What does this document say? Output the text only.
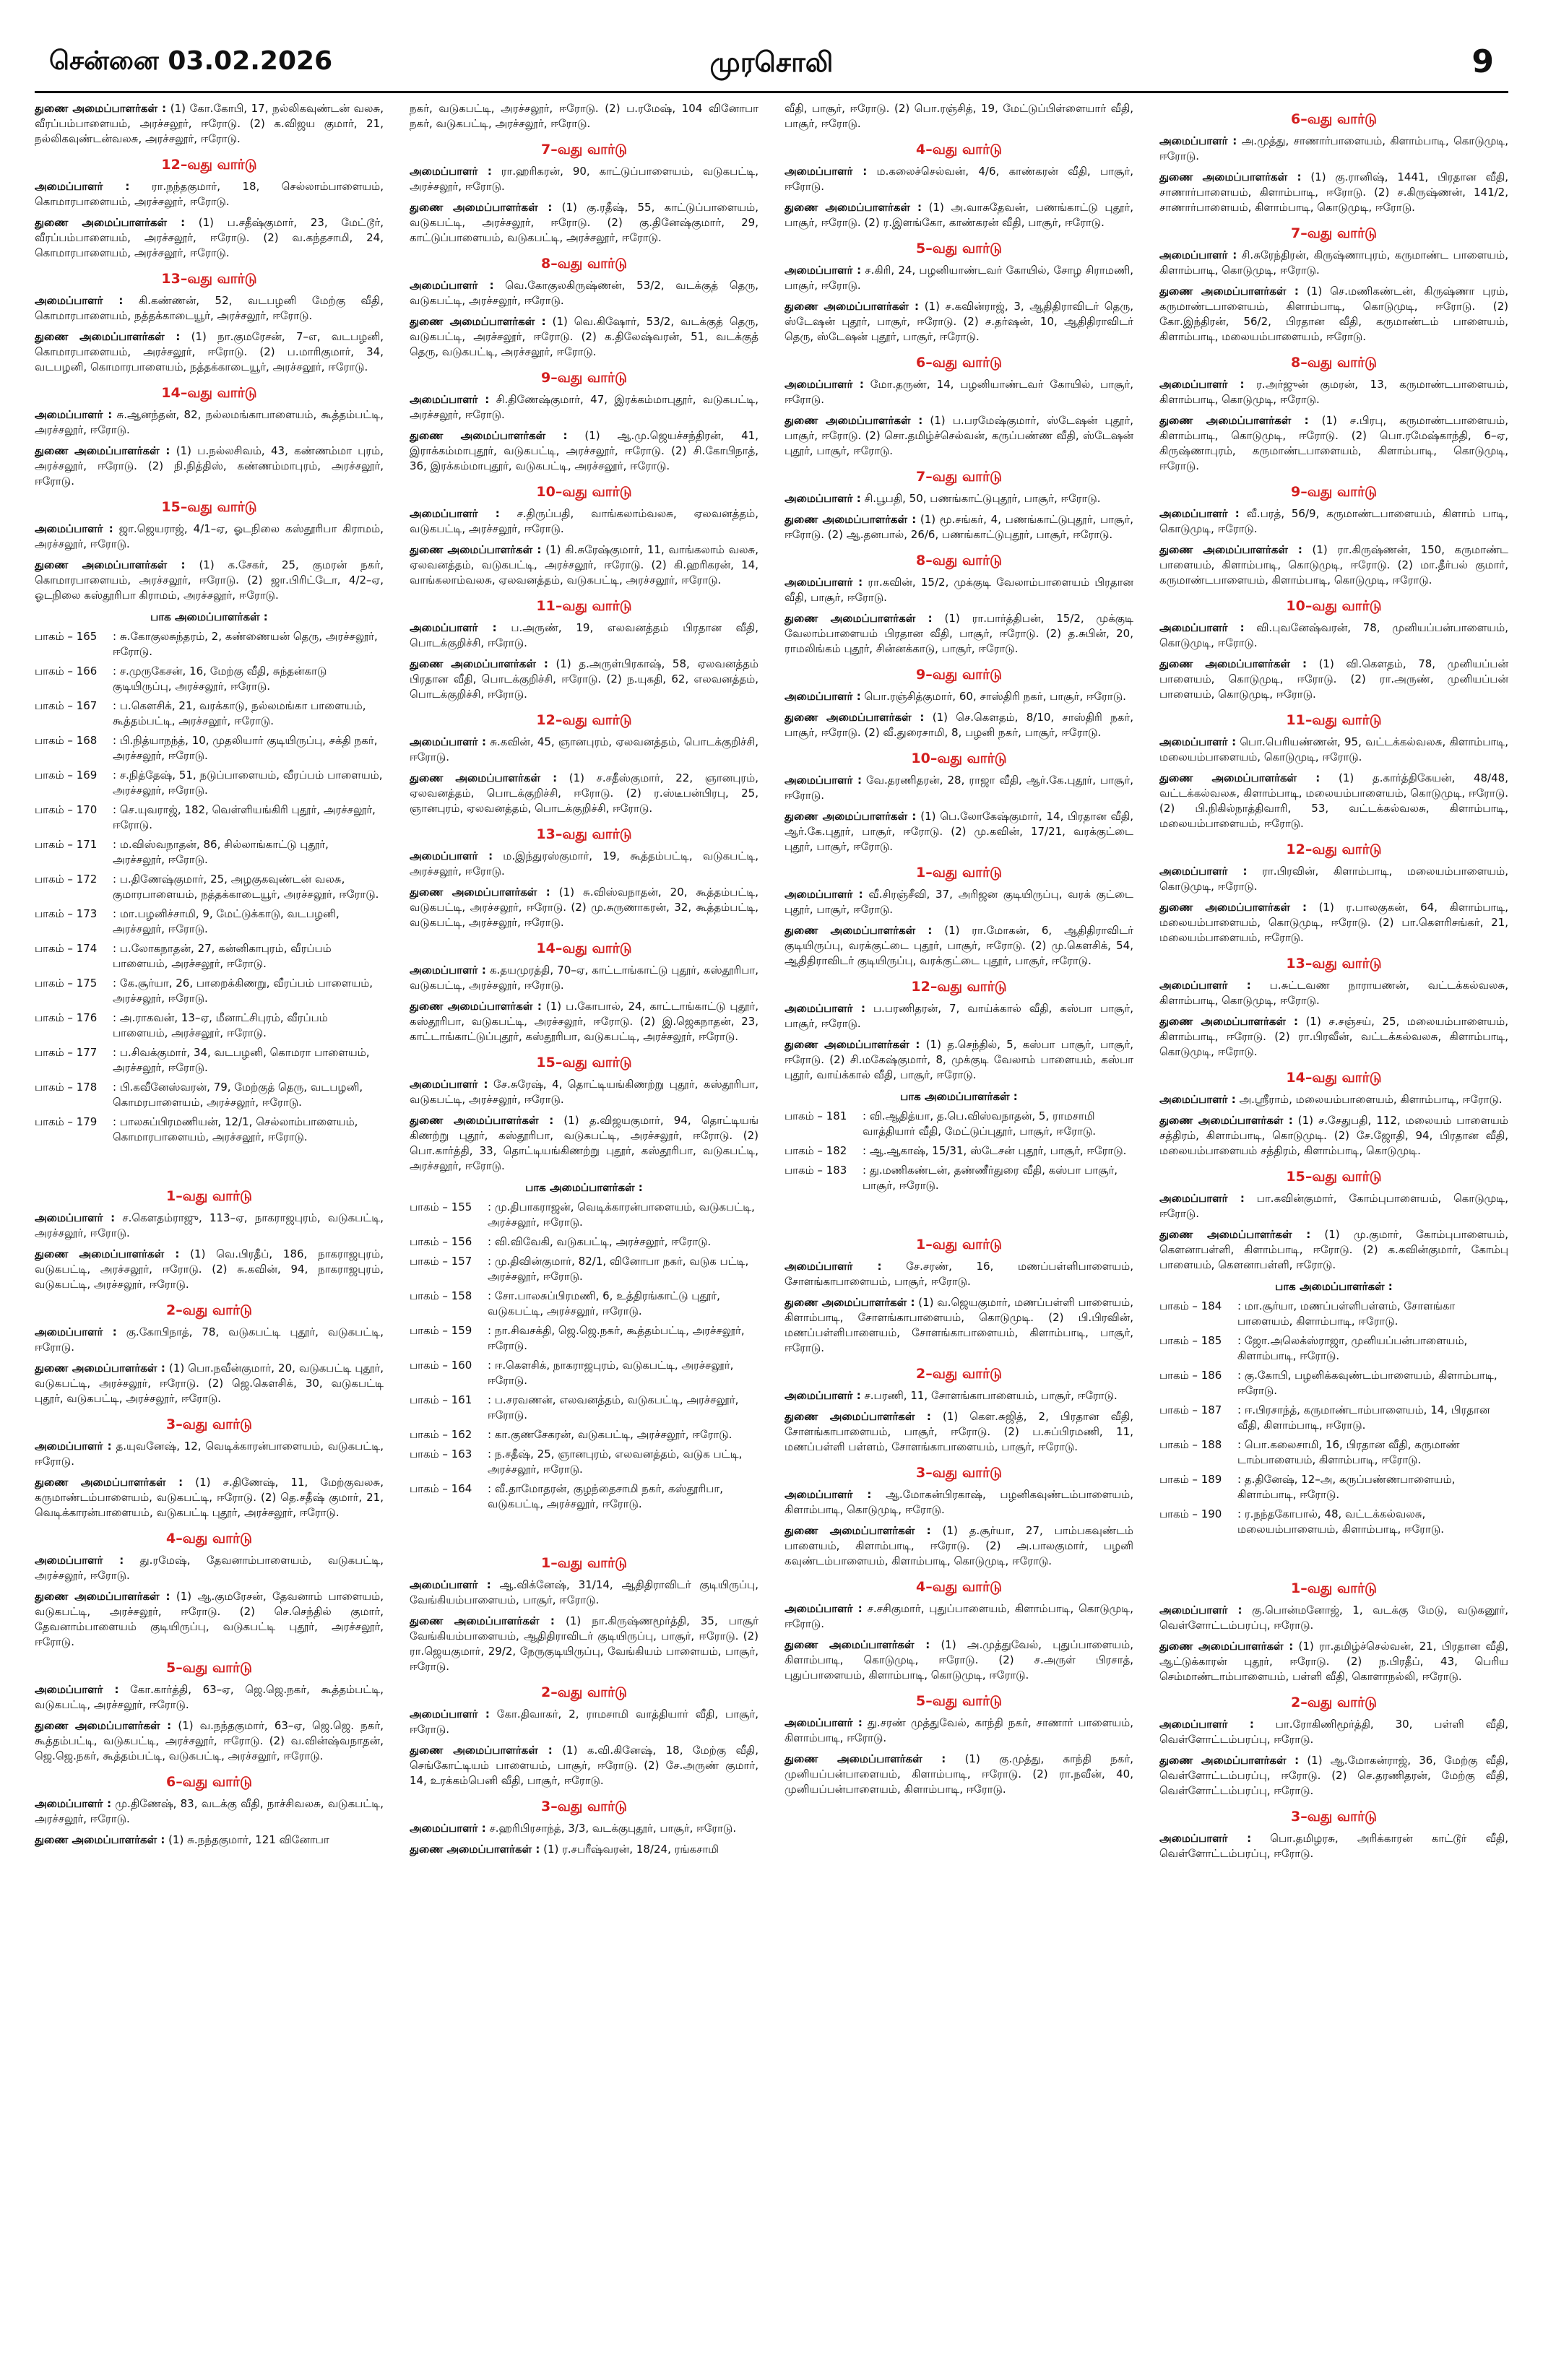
சென்னை 03.02.2026	முரசொலி	9

துணை அமைப்பாளர்கள் : (1) கோ.கோபி, 17, நல்லிகவுண்டன் வலசு, வீரப்பம்பாளையம், அரச்சலூர், ஈரோடு. (2) க.விஜய குமார், 21, நல்லிகவுண்டன்வலசு, அரச்சலூர், ஈரோடு.

12–வது வார்டு

அமைப்பாளர் : ரா.நந்தகுமார், 18, செல்லாம்பாளையம், கொமாரபாளையம், அரச்சலூர், ஈரோடு.

துணை அமைப்பாளர்கள் : (1) ப.சதீஷ்குமார், 23, மேட்டூர், வீரப்பம்பாளையம், அரச்சலூர், ஈரோடு. (2) வ.கந்தசாமி, 24, கொமாரபாளையம், அரச்சலூர், ஈரோடு.

13–வது வார்டு

அமைப்பாளர் : கி.கண்ணன், 52, வடபழனி மேற்கு வீதி, கொமாரபாளையம், நத்தக்காடையூர், அரச்சலூர், ஈரோடு.

துணை அமைப்பாளர்கள் : (1) நா.குமரேசன், 7–எ, வடபழனி, கொமாரபாளையம், அரச்சலூர், ஈரோடு. (2) ப.மாரிகுமார், 34, வடபழனி, கொமாரபாளையம், நத்தக்காடையூர், அரச்சலூர், ஈரோடு.

14–வது வார்டு

அமைப்பாளர் : சு.ஆனந்தன், 82, நல்லமங்காபாளையம், கூத்தம்பட்டி, அரச்சலூர், ஈரோடு.

துணை அமைப்பாளர்கள் : (1) ப.நல்லசிவம், 43, கண்ணம்மா புரம், அரச்சலூர், ஈரோடு. (2) நி.நித்திஸ், கண்ணம்மாபுரம், அரச்சலூர், ஈரோடு.

15–வது வார்டு

அமைப்பாளர் : ஜா.ஜெயராஜ், 4/1–ஏ, ஓடநிலை கஸ்தூரிபா கிராமம், அரச்சலூர், ஈரோடு.

துணை அமைப்பாளர்கள் : (1) க.சேகர், 25, குமரன் நகர், கொமாரபாளையம், அரச்சலூர், ஈரோடு. (2) ஜா.பிரிட்டோ, 4/2–ஏ, ஓடநிலை கஸ்தூரிபா கிராமம், அரச்சலூர், ஈரோடு.

பாக அமைப்பாளர்கள் :
பாகம் – 165	: சு.கோகுலசுந்தரம், 2, கண்ணையன் தெரு, அரச்சலூர், ஈரோடு.
பாகம் – 166	: ச.முருகேசன், 16, மேற்கு வீதி, சுந்தன்காடு குடியிருப்பு, அரச்சலூர், ஈரோடு.
பாகம் – 167	: ப.கௌசிக், 21, வரக்காடு, நல்லமங்கா பாளையம், கூத்தம்பட்டி, அரச்சலூர், ஈரோடு.
பாகம் – 168	: பி.நித்யாநந்த், 10, முதலியார் குடியிருப்பு, சக்தி நகர், அரச்சலூர், ஈரோடு.
பாகம் – 169	: ச.நித்தேஷ், 51, நடுப்பாளையம், வீரப்பம் பாளையம், அரச்சலூர், ஈரோடு.
பாகம் – 170	: செ.யுவராஜ், 182, வெள்ளியங்கிரி புதூர், அரச்சலூர், ஈரோடு.
பாகம் – 171	: ம.விஸ்வநாதன், 86, சில்லாங்காட்டு புதூர், அரச்சலூர், ஈரோடு.
பாகம் – 172	: ப.திணேஷ்குமார், 25, அழகுகவுண்டன் வலசு, குமாரபாளையம், நத்தக்காடையூர், அரச்சலூர், ஈரோடு.
பாகம் – 173	: மா.பழனிச்சாமி, 9, மேட்டுக்காடு, வடபழனி, அரச்சலூர், ஈரோடு.
பாகம் – 174	: ப.லோகநாதன், 27, கன்னிகாபுரம், வீரப்பம் பாளையம், அரச்சலூர், ஈரோடு.
பாகம் – 175	: கே.சூர்யா, 26, பாறைக்கிணறு, வீரப்பம் பாளையம், அரச்சலூர், ஈரோடு.
பாகம் – 176	: அ.ராகவன், 13–ஏ, மீனாட்சிபுரம், வீரப்பம் பாளையம், அரச்சலூர், ஈரோடு.
பாகம் – 177	: ப.சிவக்குமார், 34, வடபழனி, கொமரா பாளையம், அரச்சலூர், ஈரோடு.
பாகம் – 178	: பி.கவீனேஸ்வரன், 79, மேற்குத் தெரு, வடபழனி, கொமரபாளையம், அரச்சலூர், ஈரோடு.
பாகம் – 179	: பாலசுப்பிரமணியன், 12/1, செல்லாம்பாளையம், கொமாரபாளையம், அரச்சலூர், ஈரோடு.
1–வது வார்டு

அமைப்பாளர் : ச.கெளதம்ராஜு, 113–ஏ, நாகராஜபுரம், வடுகபட்டி, அரச்சலூர், ஈரோடு.

துணை அமைப்பாளர்கள் : (1) வெ.பிரதீப், 186, நாகராஜபுரம், வடுகபட்டி, அரச்சலூர், ஈரோடு. (2) சு.கவின், 94, நாகராஜபுரம், வடுகபட்டி, அரச்சலூர், ஈரோடு.

2–வது வார்டு

அமைப்பாளர் : கு.கோபிநாத், 78, வடுகபட்டி புதூர், வடுகபட்டி, ஈரோடு.

துணை அமைப்பாளர்கள் : (1) பொ.நவீன்குமார், 20, வடுகபட்டி புதூர், வடுகபட்டி, அரச்சலூர், ஈரோடு. (2) ஜெ.கௌசிக், 30, வடுகபட்டி புதூர், வடுகபட்டி, அரச்சலூர், ஈரோடு.

3–வது வார்டு

அமைப்பாளர் : த.யுவனேஷ், 12, வெடிக்காரன்பாளையம், வடுகபட்டி, ஈரோடு.

துணை அமைப்பாளர்கள் : (1) ச.திணேஷ், 11, மேற்குவலசு, கருமாண்டம்பாளையம், வடுகபட்டி, ஈரோடு. (2) தெ.சதீஷ் குமார், 21, வெடிக்காரன்பாளையம், வடுகபட்டி புதூர், அரச்சலூர், ஈரோடு.

4–வது வார்டு

அமைப்பாளர் : து.ரமேஷ், தேவனாம்பாளையம், வடுகபட்டி, அரச்சலூர், ஈரோடு.

துணை அமைப்பாளர்கள் : (1) ஆ.குமரேசன், தேவனாம் பாளையம், வடுகபட்டி, அரச்சலூர், ஈரோடு. (2) செ.செந்தில் குமார், தேவனாம்பாளையம் குடியிருப்பு, வடுகபட்டி புதூர், அரச்சலூர், ஈரோடு.

5–வது வார்டு

அமைப்பாளர் : கோ.கார்த்தி, 63–ஏ, ஜெ.ஜெ.நகர், கூத்தம்பட்டி, வடுகபட்டி, அரச்சலூர், ஈரோடு.

துணை அமைப்பாளர்கள் : (1) வ.நந்தகுமார், 63–ஏ, ஜெ.ஜெ. நகர், கூத்தம்பட்டி, வடுகபட்டி, அரச்சலூர், ஈரோடு. (2) வ.வின்ஷ்வநாதன், ஜெ.ஜெ.நகர், கூத்தம்பட்டி, வடுகபட்டி, அரச்சலூர், ஈரோடு.

6–வது வார்டு

அமைப்பாளர் : மு.திணேஷ், 83, வடக்கு வீதி, நாச்சிவலசு, வடுகபட்டி, அரச்சலூர், ஈரோடு.

துணை அமைப்பாளர்கள் : (1) சு.நந்தகுமார், 121 வினோபா

நகர், வடுகபட்டி, அரச்சலூர், ஈரோடு. (2) ப.ரமேஷ், 104 வினோபா நகர், வடுகபட்டி, அரச்சலூர், ஈரோடு.

7–வது வார்டு

அமைப்பாளர் : ரா.ஹரிகரன், 90, காட்டுப்பாளையம், வடுகபட்டி, அரச்சலூர், ஈரோடு.

துணை அமைப்பாளர்கள் : (1) கு.ரதீஷ், 55, காட்டுப்பாளையம், வடுகபட்டி, அரச்சலூர், ஈரோடு. (2) கு.தினேஷ்குமார், 29, காட்டுப்பாளையம், வடுகபட்டி, அரச்சலூர், ஈரோடு.

8–வது வார்டு

அமைப்பாளர் : வெ.கோகுலகிருஷ்ணன், 53/2, வடக்குத் தெரு, வடுகபட்டி, அரச்சலூர், ஈரோடு.

துணை அமைப்பாளர்கள் : (1) வெ.கிஷோர், 53/2, வடக்குத் தெரு, வடுகபட்டி, அரச்சலூர், ஈரோடு. (2) க.திலேஷ்வரன், 51, வடக்குத் தெரு, வடுகபட்டி, அரச்சலூர், ஈரோடு.

9–வது வார்டு

அமைப்பாளர் : சி.திணேஷ்குமார், 47, இரக்கம்மாபுதூர், வடுகபட்டி, அரச்சலூர், ஈரோடு.

துணை அமைப்பாளர்கள் : (1) ஆ.மு.ஜெயச்சந்திரன், 41, இராக்கம்மாபுதூர், வடுகபட்டி, அரச்சலூர், ஈரோடு. (2) சி.கோபிநாத், 36, இரக்கம்மாபுதூர், வடுகபட்டி, அரச்சலூர், ஈரோடு.

10–வது வார்டு

அமைப்பாளர் : ச.திருப்பதி, வாங்கலாம்வலசு, ஏலவனத்தம், வடுகபட்டி, அரச்சலூர், ஈரோடு.

துணை அமைப்பாளர்கள் : (1) கி.சுரேஷ்குமார், 11, வாங்கலாம் வலசு, ஏலவனத்தம், வடுகபட்டி, அரச்சலூர், ஈரோடு. (2) கி.ஹரிகரன், 14, வாங்கலாம்வலசு, ஏலவனத்தம், வடுகபட்டி, அரச்சலூர், ஈரோடு.

11–வது வார்டு

அமைப்பாளர் : ப.அருண், 19, எலவனத்தம் பிரதான வீதி, பொடக்குறிச்சி, ஈரோடு.

துணை அமைப்பாளர்கள் : (1) த.அருள்பிரகாஷ், 58, ஏலவனத்தம் பிரதான வீதி, பொடக்குறிச்சி, ஈரோடு. (2) ந.யுகதி, 62, எலவனத்தம், பொடக்குறிச்சி, ஈரோடு.

12–வது வார்டு

அமைப்பாளர் : சு.கவின், 45, ஞானபுரம், ஏலவனத்தம், பொடக்குறிச்சி, ஈரோடு.

துணை அமைப்பாளர்கள் : (1) ச.சதீஸ்குமார், 22, ஞானபுரம், ஏலவனத்தம், பொடக்குறிச்சி, ஈரோடு. (2) ர.ஸ்டீபன்பிரபு, 25, ஞானபுரம், ஏலவனத்தம், பொடக்குறிச்சி, ஈரோடு.

13–வது வார்டு

அமைப்பாளர் : ம.இந்துரஸ்குமார், 19, கூத்தம்பட்டி, வடுகபட்டி, அரச்சலூர், ஈரோடு.

துணை அமைப்பாளர்கள் : (1) சு.விஸ்வநாதன், 20, கூத்தம்பட்டி, வடுகபட்டி, அரச்சலூர், ஈரோடு. (2) மு.சுருணாகரன், 32, கூத்தம்பட்டி, வடுகபட்டி, அரச்சலூர், ஈரோடு.

14–வது வார்டு

அமைப்பாளர் : க.தயமுரத்தி, 70–ஏ, காட்டாங்காட்டு புதூர், கஸ்தூரிபா, வடுகபட்டி, அரச்சலூர், ஈரோடு.

துணை அமைப்பாளர்கள் : (1) ப.கோபால், 24, காட்டாங்காட்டு புதூர், கஸ்தூரிபா, வடுகபட்டி, அரச்சலூர், ஈரோடு. (2) இ.ஜெகநாதன், 23, காட்டாங்காட்டுப்புதூர், கஸ்தூரிபா, வடுகபட்டி, அரச்சலூர், ஈரோடு.

15–வது வார்டு

அமைப்பாளர் : சே.சுரேஷ், 4, தொட்டியங்கிணற்று புதூர், கஸ்தூரிபா, வடுகபட்டி, அரச்சலூர், ஈரோடு.

துணை அமைப்பாளர்கள் : (1) த.விஜயகுமார், 94, தொட்டியங் கிணற்று புதூர், கஸ்தூரிபா, வடுகபட்டி, அரச்சலூர், ஈரோடு. (2) பொ.கார்த்தி, 33, தொட்டியங்கிணற்று புதூர், கஸ்தூரிபா, வடுகபட்டி, அரச்சலூர், ஈரோடு.

பாக அமைப்பாளர்கள் :
பாகம் – 155	: மு.திபாகராஜன், வெடிக்காரன்பாளையம், வடுகபட்டி, அரச்சலூர், ஈரோடு.
பாகம் – 156	: வி.விவேகி, வடுகபட்டி, அரச்சலூர், ஈரோடு.
பாகம் – 157	: மு.திவின்குமார், 82/1, வினோபா நகர், வடுக பட்டி, அரச்சலூர், ஈரோடு.
பாகம் – 158	: சோ.பாலசுப்பிரமணி, 6, உத்திரங்காட்டு புதூர், வடுகபட்டி, அரச்சலூர், ஈரோடு.
பாகம் – 159	: நா.சிவசக்தி, ஜெ.ஜெ.நகர், கூத்தம்பட்டி, அரச்சலூர், ஈரோடு.
பாகம் – 160	: ஈ.கௌசிக், நாகராஜபுரம், வடுகபட்டி, அரச்சலூர், ஈரோடு.
பாகம் – 161	: ப.சரவணன், எலவனத்தம், வடுகபட்டி, அரச்சலூர், ஈரோடு.
பாகம் – 162	: கா.குணசேகரன், வடுகபட்டி, அரச்சலூர், ஈரோடு.
பாகம் – 163	: ந.சதீஷ், 25, ஞானபுரம், எலவனத்தம், வடுக பட்டி, அரச்சலூர், ஈரோடு.
பாகம் – 164	: வீ.தாமோதரன், குழந்தைசாமி நகர், கஸ்தூரிபா, வடுகபட்டி, அரச்சலூர், ஈரோடு.
1–வது வார்டு

அமைப்பாளர் : ஆ.விக்னேஷ், 31/14, ஆதிதிராவிடர் குடியிருப்பு, வேங்கியம்பாளையம், பாசூர், ஈரோடு.

துணை அமைப்பாளர்கள் : (1) நா.கிருஷ்ணமூர்த்தி, 35, பாசூர் வேங்கியம்பாளையம், ஆதிதிராவிடர் குடியிருப்பு, பாசூர், ஈரோடு. (2) ரா.ஜெயகுமார், 29/2, நேருகுடியிருப்பு, வேங்கியம் பாளையம், பாசூர், ஈரோடு.

2–வது வார்டு

அமைப்பாளர் : கோ.திவாகர், 2, ராமசாமி வாத்தியார் வீதி, பாசூர், ஈரோடு.

துணை அமைப்பாளர்கள் : (1) க.வி.கினேஷ், 18, மேற்கு வீதி, செங்கோட்டியம் பாளையம், பாசூர், ஈரோடு. (2) சே.அருண் குமார், 14, உரக்கம்பெனி வீதி, பாசூர், ஈரோடு.

3–வது வார்டு

அமைப்பாளர் : ச.ஹரிபிரசாந்த், 3/3, வடக்குபுதூர், பாசூர், ஈரோடு.

துணை அமைப்பாளர்கள் : (1) ர.சபரீஷ்வரன், 18/24, ரங்கசாமி

வீதி, பாசூர், ஈரோடு. (2) பொ.ரஞ்சித், 19, மேட்டுப்பிள்ளையார் வீதி, பாசூர், ஈரோடு.

4–வது வார்டு

அமைப்பாளர் : ம.கலைச்செல்வன், 4/6, காண்கரன் வீதி, பாசூர், ஈரோடு.

துணை அமைப்பாளர்கள் : (1) அ.வாசுதேவன், பணங்காட்டு புதூர், பாசூர், ஈரோடு. (2) ர.இளங்கோ, காண்கரன் வீதி, பாசூர், ஈரோடு.

5–வது வார்டு

அமைப்பாளர் : ச.கிரி, 24, பழனியாண்டவர் கோயில், சோழ சிராமணி, பாசூர், ஈரோடு.

துணை அமைப்பாளர்கள் : (1) ச.கவின்ராஜ், 3, ஆதிதிராவிடர் தெரு, ஸ்டேஷன் புதூர், பாசூர், ஈரோடு. (2) ச.தர்ஷன், 10, ஆதிதிராவிடர் தெரு, ஸ்டேஷன் புதூர், பாசூர், ஈரோடு.

6–வது வார்டு

அமைப்பாளர் : மோ.தருண், 14, பழனியாண்டவர் கோயில், பாசூர், ஈரோடு.

துணை அமைப்பாளர்கள் : (1) ப.பரமேஷ்குமார், ஸ்டேஷன் புதூர், பாசூர், ஈரோடு. (2) சொ.தமிழ்ச்செல்வன், கருப்பண்ண வீதி, ஸ்டேஷன் புதூர், பாசூர், ஈரோடு.

7–வது வார்டு

அமைப்பாளர் : சி.பூபதி, 50, பணங்காட்டுபுதூர், பாசூர், ஈரோடு.

துணை அமைப்பாளர்கள் : (1) மூ.சங்கர், 4, பணங்காட்டுபுதூர், பாசூர், ஈரோடு. (2) ஆ.தனபால், 26/6, பணங்காட்டுபுதூர், பாசூர், ஈரோடு.

8–வது வார்டு

அமைப்பாளர் : ரா.கவின், 15/2, முக்குடி வேலாம்பாளையம் பிரதான வீதி, பாசூர், ஈரோடு.

துணை அமைப்பாளர்கள் : (1) ரா.பார்த்திபன், 15/2, முக்குடி வேலாம்பாளையம் பிரதான வீதி, பாசூர், ஈரோடு. (2) த.சுபின், 20, ராமலிங்கம் புதூர், சின்னக்காடு, பாசூர், ஈரோடு.

9–வது வார்டு

அமைப்பாளர் : பொ.ரஞ்சித்குமார், 60, சாஸ்திரி நகர், பாசூர், ஈரோடு.

துணை அமைப்பாளர்கள் : (1) செ.கௌதம், 8/10, சாஸ்திரி நகர், பாசூர், ஈரோடு. (2) வீ.துரைசாமி, 8, பழனி நகர், பாசூர், ஈரோடு.

10–வது வார்டு

அமைப்பாளர் : வே.தரணிதரன், 28, ராஜா வீதி, ஆர்.கே.புதூர், பாசூர், ஈரோடு.

துணை அமைப்பாளர்கள் : (1) பெ.லோகேஷ்குமார், 14, பிரதான வீதி, ஆர்.கே.புதூர், பாசூர், ஈரோடு. (2) மு.கவின், 17/21, வரக்குட்டை புதூர், பாசூர், ஈரோடு.

1–வது வார்டு

அமைப்பாளர் : வீ.சிரஞ்சீவி, 37, அரிஜன குடியிருப்பு, வரக் குட்டை புதூர், பாசூர், ஈரோடு.

துணை அமைப்பாளர்கள் : (1) ரா.மோகன், 6, ஆதிதிராவிடர் குடியிருப்பு, வரக்குட்டை புதூர், பாசூர், ஈரோடு. (2) மு.கௌசிக், 54, ஆதிதிராவிடர் குடியிருப்பு, வரக்குட்டை புதூர், பாசூர், ஈரோடு.

12–வது வார்டு

அமைப்பாளர் : ப.பரணிதரன், 7, வாய்க்கால் வீதி, கஸ்பா பாசூர், பாசூர், ஈரோடு.

துணை அமைப்பாளர்கள் : (1) த.செந்தில், 5, கஸ்பா பாசூர், பாசூர், ஈரோடு. (2) சி.மகேஷ்குமார், 8, முக்குடி வேலாம் பாளையம், கஸ்பா புதூர், வாய்க்கால் வீதி, பாசூர், ஈரோடு.

பாக அமைப்பாளர்கள் :
பாகம் – 181	: வி.ஆதித்யா, த.பெ.விஸ்வநாதன், 5, ராமசாமி வாத்தியார் வீதி, மேட்டுப்புதூர், பாசூர், ஈரோடு.
பாகம் – 182	: ஆ.ஆகாஷ், 15/31, ஸ்டேசன் புதூர், பாசூர், ஈரோடு.
பாகம் – 183	: து.மணிகண்டன், தண்ணீர்துரை வீதி, கஸ்பா பாசூர், பாசூர், ஈரோடு.
1–வது வார்டு

அமைப்பாளர் : சே.சரண், 16, மணப்பள்ளிபாளையம், சோளங்காபாளையம், பாசூர், ஈரோடு.

துணை அமைப்பாளர்கள் : (1) வ.ஜெயகுமார், மணப்பள்ளி பாளையம், கிளாம்பாடி, சோளங்காபாளையம், கொடுமுடி. (2) பி.பிரவின், மணப்பள்ளிபாளையம், சோளங்காபாளையம், கிளாம்பாடி, பாசூர், ஈரோடு.

2–வது வார்டு

அமைப்பாளர் : ச.பரணி, 11, சோளங்காபாளையம், பாசூர், ஈரோடு.

துணை அமைப்பாளர்கள் : (1) கௌ.சுஜித், 2, பிரதான வீதி, சோளங்காபாளையம், பாசூர், ஈரோடு. (2) ப.சுப்பிரமணி, 11, மணப்பள்ளி பள்ளம், சோளங்காபாளையம், பாசூர், ஈரோடு.

3–வது வார்டு

அமைப்பாளர் : ஆ.மோகன்பிரகாஷ், பழனிகவுண்டம்பாளையம், கிளாம்பாடி, கொடுமுடி, ஈரோடு.

துணை அமைப்பாளர்கள் : (1) த.சூர்யா, 27, பாம்பகவுண்டம் பாளையம், கிளாம்பாடி, ஈரோடு. (2) அ.பாலகுமார், பழனி கவுண்டம்பாளையம், கிளாம்பாடி, கொடுமுடி, ஈரோடு.

4–வது வார்டு

அமைப்பாளர் : ச.சசிகுமார், புதுப்பாளையம், கிளாம்பாடி, கொடுமுடி, ஈரோடு.

துணை அமைப்பாளர்கள் : (1) அ.முத்துவேல், புதுப்பாளையம், கிளாம்பாடி, கொடுமுடி, ஈரோடு. (2) ச.அருள் பிரசாத், புதுப்பாளையம், கிளாம்பாடி, கொடுமுடி, ஈரோடு.

5–வது வார்டு

அமைப்பாளர் : து.சரண் முத்துவேல், காந்தி நகர், சாணார் பாளையம், கிளாம்பாடி, ஈரோடு.

துணை அமைப்பாளர்கள் : (1) கு.முத்து, காந்தி நகர், முனியப்பன்பாளையம், கிளாம்பாடி, ஈரோடு. (2) ரா.நவீன், 40, முனியப்பன்பாளையம், கிளாம்பாடி, ஈரோடு.

6–வது வார்டு

அமைப்பாளர் : அ.முத்து, சாணார்பாளையம், கிளாம்பாடி, கொடுமுடி, ஈரோடு.

துணை அமைப்பாளர்கள் : (1) கு.ரானிஷ், 1441, பிரதான வீதி, சாணார்பாளையம், கிளாம்பாடி, ஈரோடு. (2) ச.கிருஷ்ணன், 141/2, சாணார்பாளையம், கிளாம்பாடி, கொடுமுடி, ஈரோடு.

7–வது வார்டு

அமைப்பாளர் : சி.சுரேந்திரன், கிருஷ்ணாபுரம், கருமாண்ட பாளையம், கிளாம்பாடி, கொடுமுடி, ஈரோடு.

துணை அமைப்பாளர்கள் : (1) செ.மணிகண்டன், கிருஷ்ணா புரம், கருமாண்டபாளையம், கிளாம்பாடி, கொடுமுடி, ஈரோடு. (2) கோ.இந்திரன், 56/2, பிரதான வீதி, கருமாண்டம் பாளையம், கிளாம்பாடி, மலையம்பாளையம், ஈரோடு.

8–வது வார்டு

அமைப்பாளர் : ர.அர்ஜுன் குமரன், 13, கருமாண்டபாளையம், கிளாம்பாடி, கொடுமுடி, ஈரோடு.

துணை அமைப்பாளர்கள் : (1) ச.பிரபு, கருமாண்டபாளையம், கிளாம்பாடி, கொடுமுடி, ஈரோடு. (2) பொ.ரமேஷ்காந்தி, 6–ஏ, கிருஷ்ணாபுரம், கருமாண்டபாளையம், கிளாம்பாடி, கொடுமுடி, ஈரோடு.

9–வது வார்டு

அமைப்பாளர் : வீ.பரத், 56/9, கருமாண்டபாளையம், கிளாம் பாடி, கொடுமுடி, ஈரோடு.

துணை அமைப்பாளர்கள் : (1) ரா.கிருஷ்ணன், 150, கருமாண்ட பாளையம், கிளாம்பாடி, கொடுமுடி, ஈரோடு. (2) மா.தீர்பல் குமார், கருமாண்டபாளையம், கிளாம்பாடி, கொடுமுடி, ஈரோடு.

10–வது வார்டு

அமைப்பாளர் : வி.புவனேஷ்வரன், 78, முனியப்பன்பாளையம், கொடுமுடி, ஈரோடு.

துணை அமைப்பாளர்கள் : (1) வி.கௌதம், 78, முனியப்பன் பாளையம், கொடுமுடி, ஈரோடு. (2) ரா.அருண், முனியப்பன் பாளையம், கொடுமுடி, ஈரோடு.

11–வது வார்டு

அமைப்பாளர் : பொ.பெரியண்ணன், 95, வட்டக்கல்வலசு, கிளாம்பாடி, மலையம்பாளையம், கொடுமுடி, ஈரோடு.

துணை அமைப்பாளர்கள் : (1) த.கார்த்திகேயன், 48/48, வட்டக்கல்வலசு, கிளாம்பாடி, மலையம்பாளையம், கொடுமுடி, ஈரோடு. (2) பி.நிகில்நாத்திவாரி, 53, வட்டக்கல்வலசு, கிளாம்பாடி, மலையம்பாளையம், ஈரோடு.

12–வது வார்டு

அமைப்பாளர் : ரா.பிரவின், கிளாம்பாடி, மலையம்பாளையம், கொடுமுடி, ஈரோடு.

துணை அமைப்பாளர்கள் : (1) ர.பாலகுகன், 64, கிளாம்பாடி, மலையம்பாளையம், கொடுமுடி, ஈரோடு. (2) பா.கௌரிசங்கர், 21, மலையம்பாளையம், ஈரோடு.

13–வது வார்டு

அமைப்பாளர் : ப.சுட்டவண நாராயணன், வட்டக்கல்வலசு, கிளாம்பாடி, கொடுமுடி, ஈரோடு.

துணை அமைப்பாளர்கள் : (1) ச.சஞ்சய், 25, மலையம்பாளையம், கிளாம்பாடி, ஈரோடு. (2) ரா.பிரவீன், வட்டக்கல்வலசு, கிளாம்பாடி, கொடுமுடி, ஈரோடு.

14–வது வார்டு

அமைப்பாளர் : அ.ஸ்ரீராம், மலையம்பாளையம், கிளாம்பாடி, ஈரோடு.

துணை அமைப்பாளர்கள் : (1) ச.சேதுபதி, 112, மலையம் பாளையம் சத்திரம், கிளாம்பாடி, கொடுமுடி. (2) சே.ஜோதி, 94, பிரதான வீதி, மலையம்பாளையம் சத்திரம், கிளாம்பாடி, கொடுமுடி.

15–வது வார்டு

அமைப்பாளர் : பா.கவின்குமார், கோம்புபாளையம், கொடுமுடி, ஈரோடு.

துணை அமைப்பாளர்கள் : (1) மு.குமார், கோம்புபாளையம், கௌனாபள்ளி, கிளாம்பாடி, ஈரோடு. (2) க.கவின்குமார், கோம்பு பாளையம், கௌனாபள்ளி, ஈரோடு.

பாக அமைப்பாளர்கள் :
பாகம் – 184	: மா.சூர்யா, மணப்பள்ளிபள்ளம், சோளங்கா பாளையம், கிளாம்பாடி, ஈரோடு.
பாகம் – 185	: ஜோ.அலெக்ஸ்ராஜா, முனியப்பன்பாளையம், கிளாம்பாடி, ஈரோடு.
பாகம் – 186	: கு.கோபி, பழனிக்கவுண்டம்பாளையம், கிளாம்பாடி, ஈரோடு.
பாகம் – 187	: ஈ.பிரசாந்த், கருமாண்டாம்பாளையம், 14, பிரதான வீதி, கிளாம்பாடி, ஈரோடு.
பாகம் – 188	: பொ.கலைசாமி, 16, பிரதான வீதி, கருமாண் டாம்பாளையம், கிளாம்பாடி, ஈரோடு.
பாகம் – 189	: த.தினேஷ், 12–அ, கருப்பண்ணபாளையம், கிளாம்பாடி, ஈரோடு.
பாகம் – 190	: ர.நந்தகோபால், 48, வட்டக்கல்வலசு, மலையம்பாளையம், கிளாம்பாடி, ஈரோடு.
1–வது வார்டு

அமைப்பாளர் : கு.பொன்மனோஜ், 1, வடக்கு மேடு, வடுகனூர், வெள்ளோட்டம்பரப்பு, ஈரோடு.

துணை அமைப்பாளர்கள் : (1) ரா.தமிழ்ச்செல்வன், 21, பிரதான வீதி, ஆட்டுக்காரன் புதூர், ஈரோடு. (2) ந.பிரதீப், 43, பெரிய செம்மாண்டாம்பாளையம், பள்ளி வீதி, கொளாநல்லி, ஈரோடு.

2–வது வார்டு

அமைப்பாளர் : பா.ரோகிணிமூர்த்தி, 30, பள்ளி வீதி, வெள்ளோட்டம்பரப்பு, ஈரோடு.

துணை அமைப்பாளர்கள் : (1) ஆ.மோகன்ராஜ், 36, மேற்கு வீதி, வெள்ளோட்டம்பரப்பு, ஈரோடு. (2) செ.தரணிதரன், மேற்கு வீதி, வெள்ளோட்டம்பரப்பு, ஈரோடு.

3–வது வார்டு

அமைப்பாளர் : பொ.தமிழரசு, அரிக்காரன் காட்டூர் வீதி, வெள்ளோட்டம்பரப்பு, ஈரோடு.
